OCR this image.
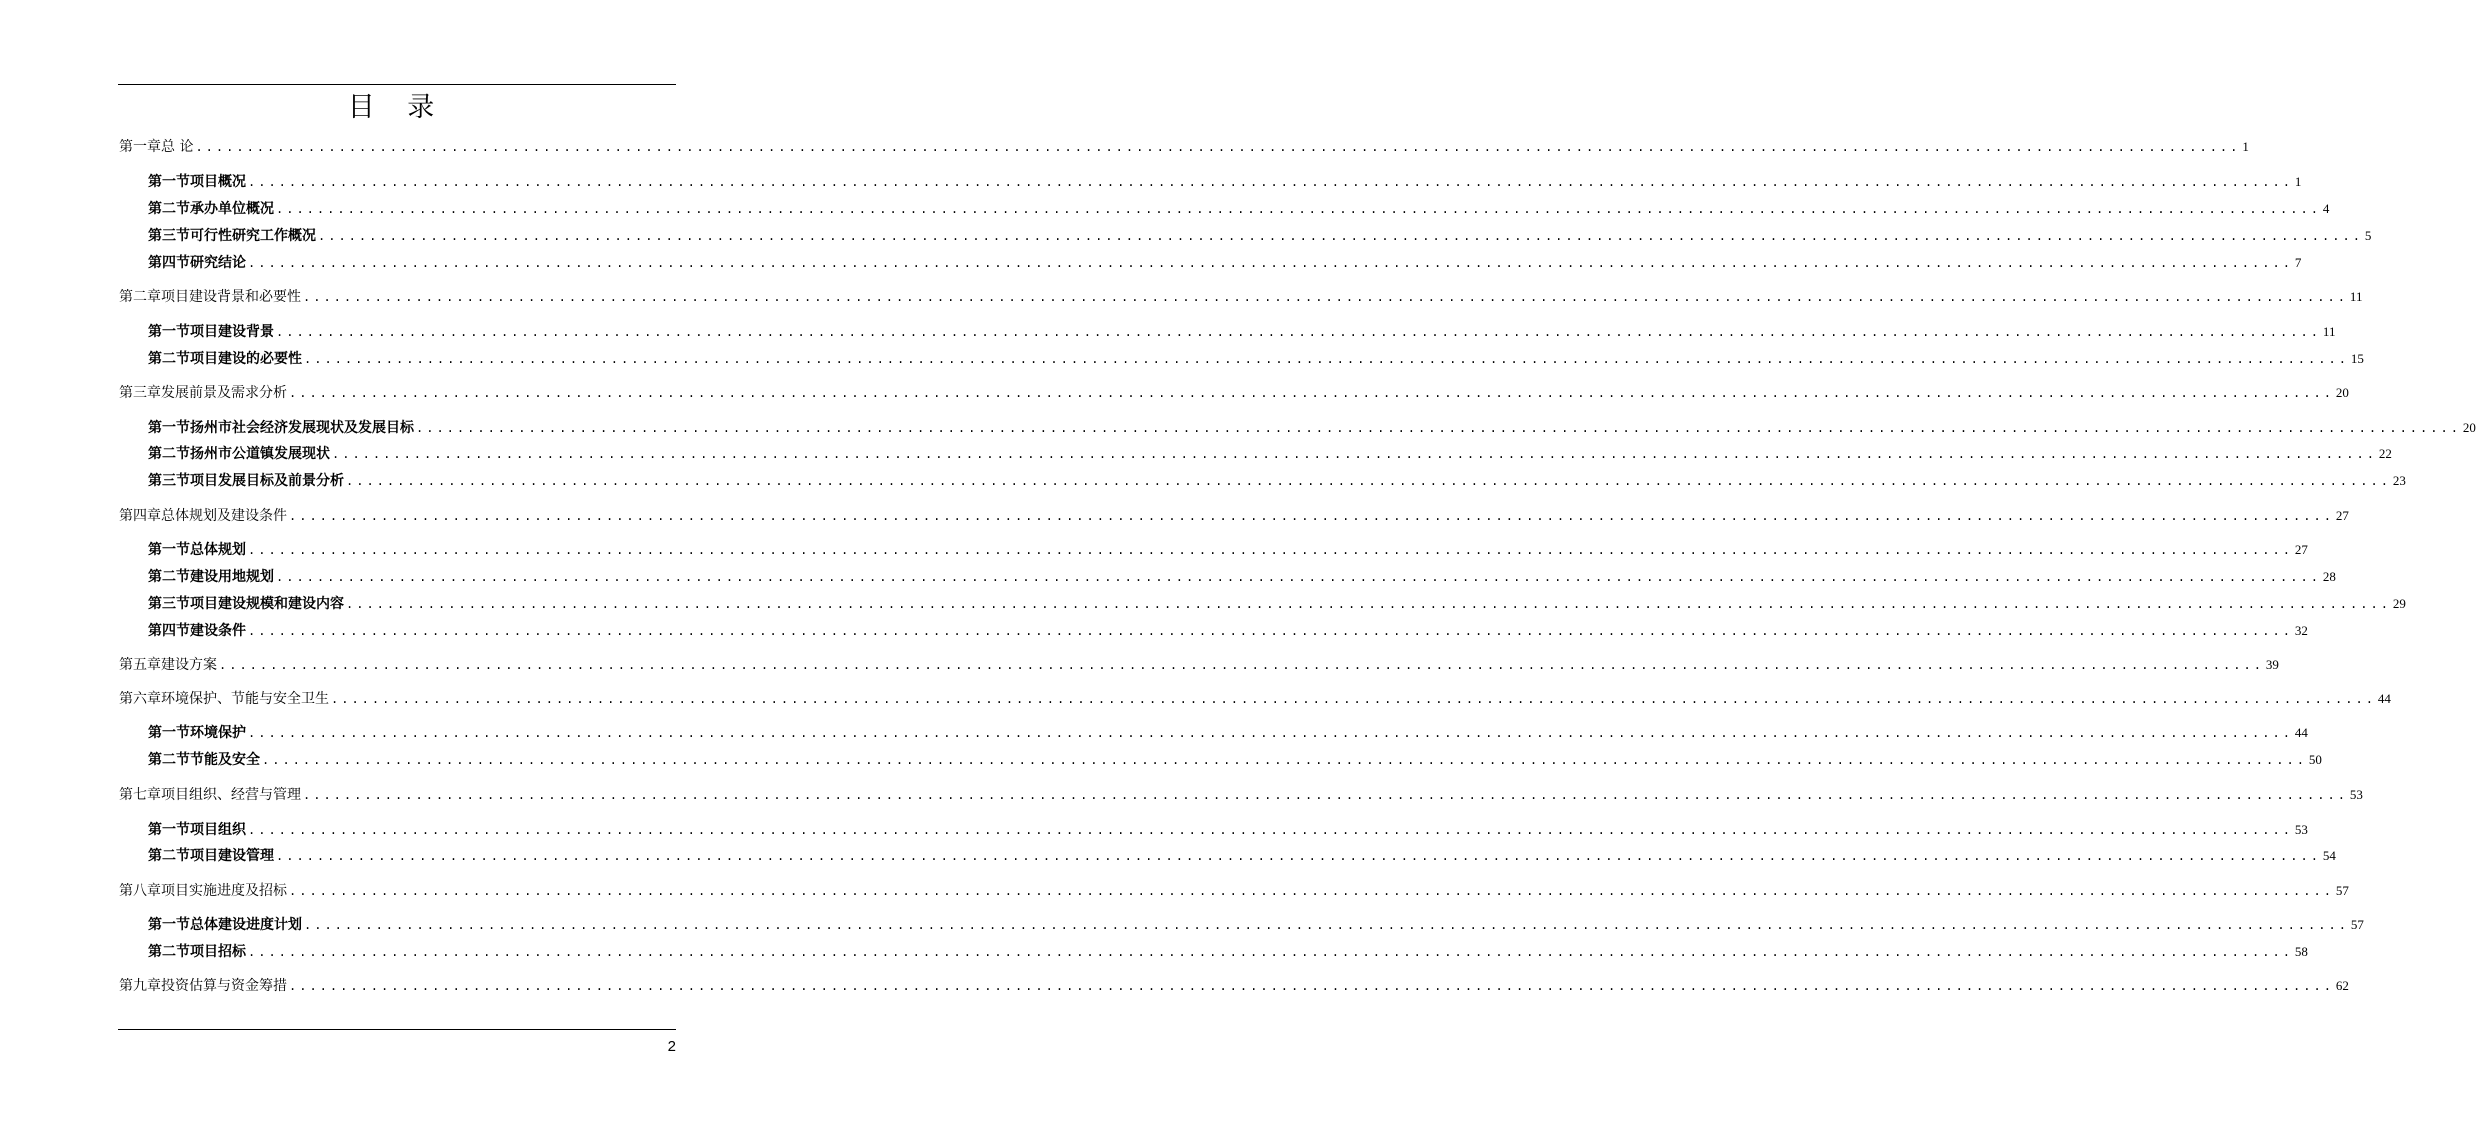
目 录
第一章 总 论 ........................................................................................................................................................................................................ 1
第一节 项目概况 ........................................................................................................................................................................................................ 1
第二节 承办单位概况 ........................................................................................................................................................................................................ 4
第三节 可行性研究工作概况 ........................................................................................................................................................................................................ 5
第四节 研究结论 ........................................................................................................................................................................................................ 7
第二章 项目建设背景和必要性 ........................................................................................................................................................................................................ 11
第一节 项目建设背景 ........................................................................................................................................................................................................ 11
第二节 项目建设的必要性 ........................................................................................................................................................................................................ 15
第三章 发展前景及需求分析 ........................................................................................................................................................................................................ 20
第一节 扬州市社会经济发展现状及发展目标 ........................................................................................................................................................................................................ 20
第二节 扬州市公道镇发展现状 ........................................................................................................................................................................................................ 22
第三节 项目发展目标及前景分析 ........................................................................................................................................................................................................ 23
第四章 总体规划及建设条件 ........................................................................................................................................................................................................ 27
第一节 总体规划 ........................................................................................................................................................................................................ 27
第二节 建设用地规划 ........................................................................................................................................................................................................ 28
第三节 项目建设规模和建设内容 ........................................................................................................................................................................................................ 29
第四节 建设条件 ........................................................................................................................................................................................................ 32
第五章 建设方案 ........................................................................................................................................................................................................ 39
第六章 环境保护、节能与安全卫生 ........................................................................................................................................................................................................ 44
第一节 环境保护 ........................................................................................................................................................................................................ 44
第二节 节能及安全 ........................................................................................................................................................................................................ 50
第七章 项目组织、经营与管理 ........................................................................................................................................................................................................ 53
第一节 项目组织 ........................................................................................................................................................................................................ 53
第二节 项目建设管理 ........................................................................................................................................................................................................ 54
第八章 项目实施进度及招标 ........................................................................................................................................................................................................ 57
第一节 总体建设进度计划 ........................................................................................................................................................................................................ 57
第二节 项目招标 ........................................................................................................................................................................................................ 58
第九章 投资估算与资金筹措 ........................................................................................................................................................................................................ 62
2
